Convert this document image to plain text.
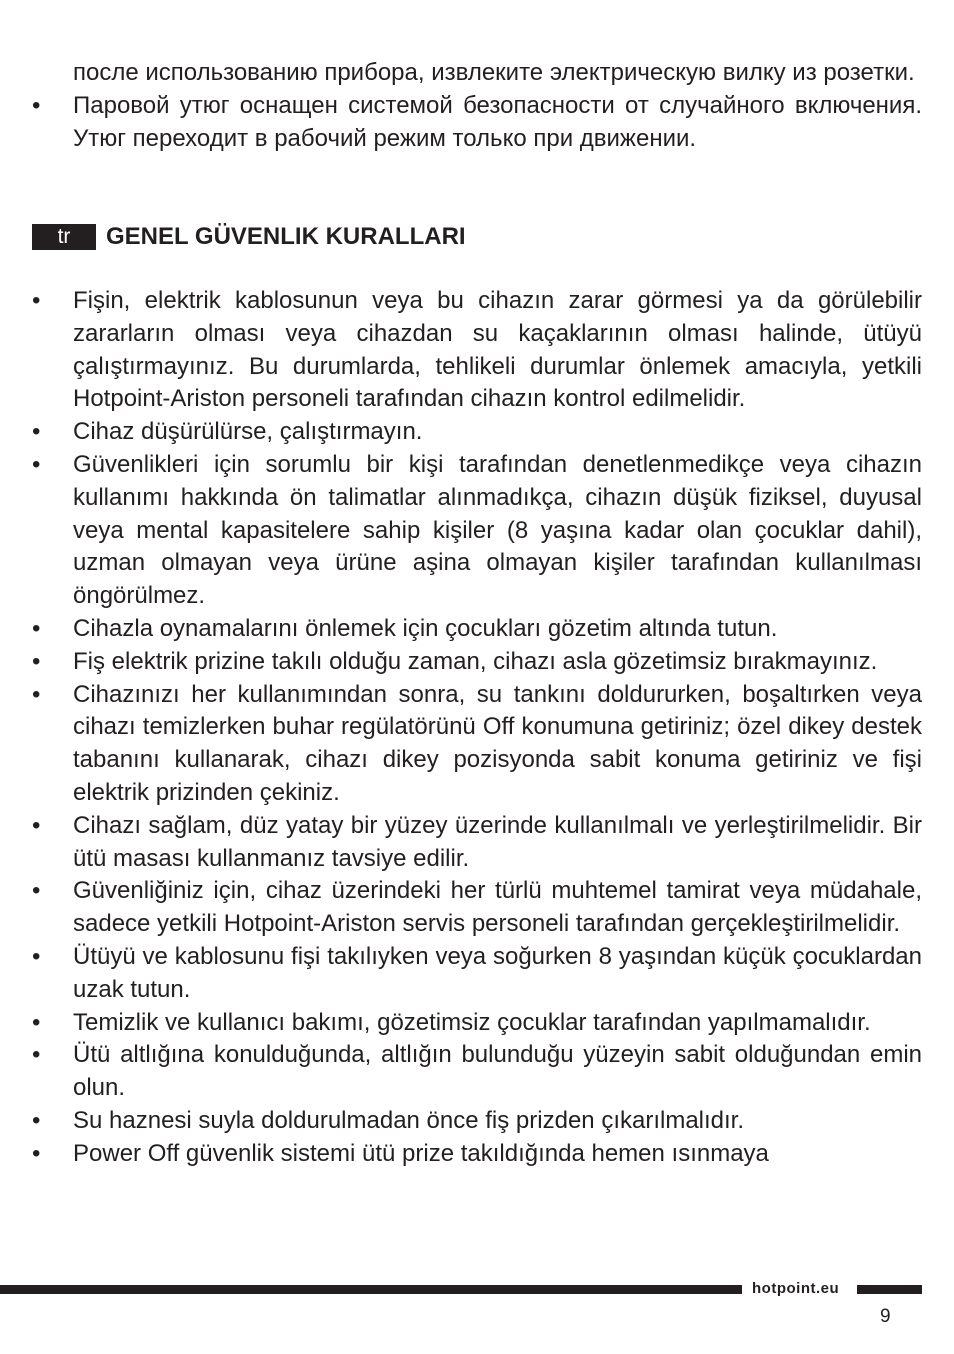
после использованию прибора, извлеките электрическую вилку из розетки.
•	Паровой утюг оснащен системой безопасности от случайного включения. Утюг переходит в рабочий режим только при движении.
tr	GENEL GÜVENLIK KURALLARI
•	Fişin, elektrik kablosunun veya bu cihazın zarar görmesi ya da görülebilir zararların olması veya cihazdan su kaçaklarının olması halinde, ütüyü çalıştırmayınız. Bu durumlarda, tehlikeli durumlar önlemek amacıyla, yetkili Hotpoint-Ariston personeli tarafından cihazın kontrol edilmelidir.
•	Cihaz düşürülürse, çalıştırmayın.
•	Güvenlikleri için sorumlu bir kişi tarafından denetlenmedikçe veya cihazın kullanımı hakkında ön talimatlar alınmadıkça, cihazın düşük fiziksel, duyusal veya mental kapasitelere sahip kişiler (8 yaşına kadar olan çocuklar dahil), uzman olmayan veya ürüne aşina olmayan kişiler tarafından kullanılması öngörülmez.
•	Cihazla oynamalarını önlemek için çocukları gözetim altında tutun.
•	Fiş elektrik prizine takılı olduğu zaman, cihazı asla gözetimsiz bırakmayınız.
•	Cihazınızı her kullanımından sonra, su tankını doldururken, boşaltırken veya cihazı temizlerken buhar regülatörünü Off konumuna getiriniz; özel dikey destek tabanını kullanarak, cihazı dikey pozisyonda sabit konuma getiriniz ve fişi elektrik prizinden çekiniz.
•	Cihazı sağlam, düz yatay bir yüzey üzerinde kullanılmalı ve yerleştirilmelidir. Bir ütü masası kullanmanız tavsiye edilir.
•	Güvenliğiniz için, cihaz üzerindeki her türlü muhtemel tamirat veya müdahale, sadece yetkili Hotpoint-Ariston servis personeli tarafından gerçekleştirilmelidir.
•	Ütüyü ve kablosunu fişi takılıyken veya soğurken 8 yaşından küçük çocuklardan uzak tutun.
•	Temizlik ve kullanıcı bakımı, gözetimsiz çocuklar tarafından yapılmamalıdır.
•	Ütü altlığına konulduğunda, altlığın bulunduğu yüzeyin sabit olduğundan emin olun.
•	Su haznesi suyla doldurulmadan önce fiş prizden çıkarılmalıdır.
•	Power Off güvenlik sistemi ütü prize takıldığında hemen ısınmaya
hotpoint.eu
9
